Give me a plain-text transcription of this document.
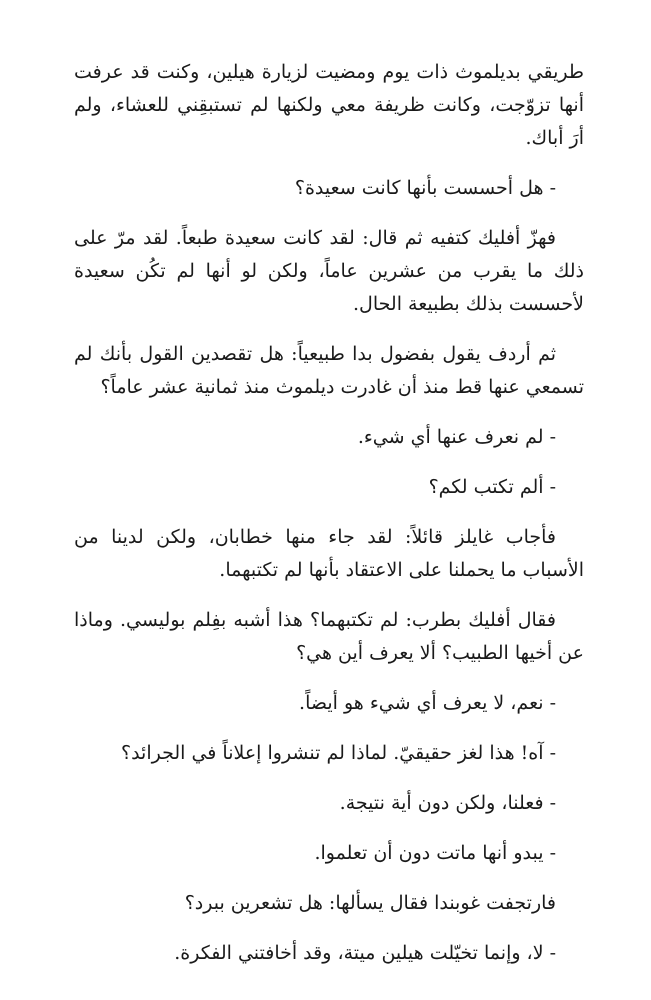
طريقي بديلموث ذات يوم ومضيت لزيارة هيلين، وكنت قد عرفت أنها تزوّجت، وكانت ظريفة معي ولكنها لم تستبقِني للعشاء، ولم أرَ أباك.

- هل أحسست بأنها كانت سعيدة؟

فهزّ أفليك كتفيه ثم قال: لقد كانت سعيدة طبعاً. لقد مرّ على ذلك ما يقرب من عشرين عاماً، ولكن لو أنها لم تكُن سعيدة لأحسست بذلك بطبيعة الحال.

ثم أردف يقول بفضول بدا طبيعياً: هل تقصدين القول بأنك لم تسمعي عنها قط منذ أن غادرت ديلموث منذ ثمانية عشر عاماً؟

- لم نعرف عنها أي شيء.

- ألم تكتب لكم؟

فأجاب غايلز قائلاً: لقد جاء منها خطابان، ولكن لدينا من الأسباب ما يحملنا على الاعتقاد بأنها لم تكتبهما.

فقال أفليك بطرب: لم تكتبهما؟ هذا أشبه بفِلم بوليسي. وماذا عن أخيها الطبيب؟ ألا يعرف أين هي؟

- نعم، لا يعرف أي شيء هو أيضاً.

- آه! هذا لغز حقيقيّ. لماذا لم تنشروا إعلاناً في الجرائد؟

- فعلنا، ولكن دون أية نتيجة.

- يبدو أنها ماتت دون أن تعلموا.

فارتجفت غوبندا فقال يسألها: هل تشعرين ببرد؟

- لا، وإنما تخيّلت هيلين ميتة، وقد أخافتني الفكرة.
